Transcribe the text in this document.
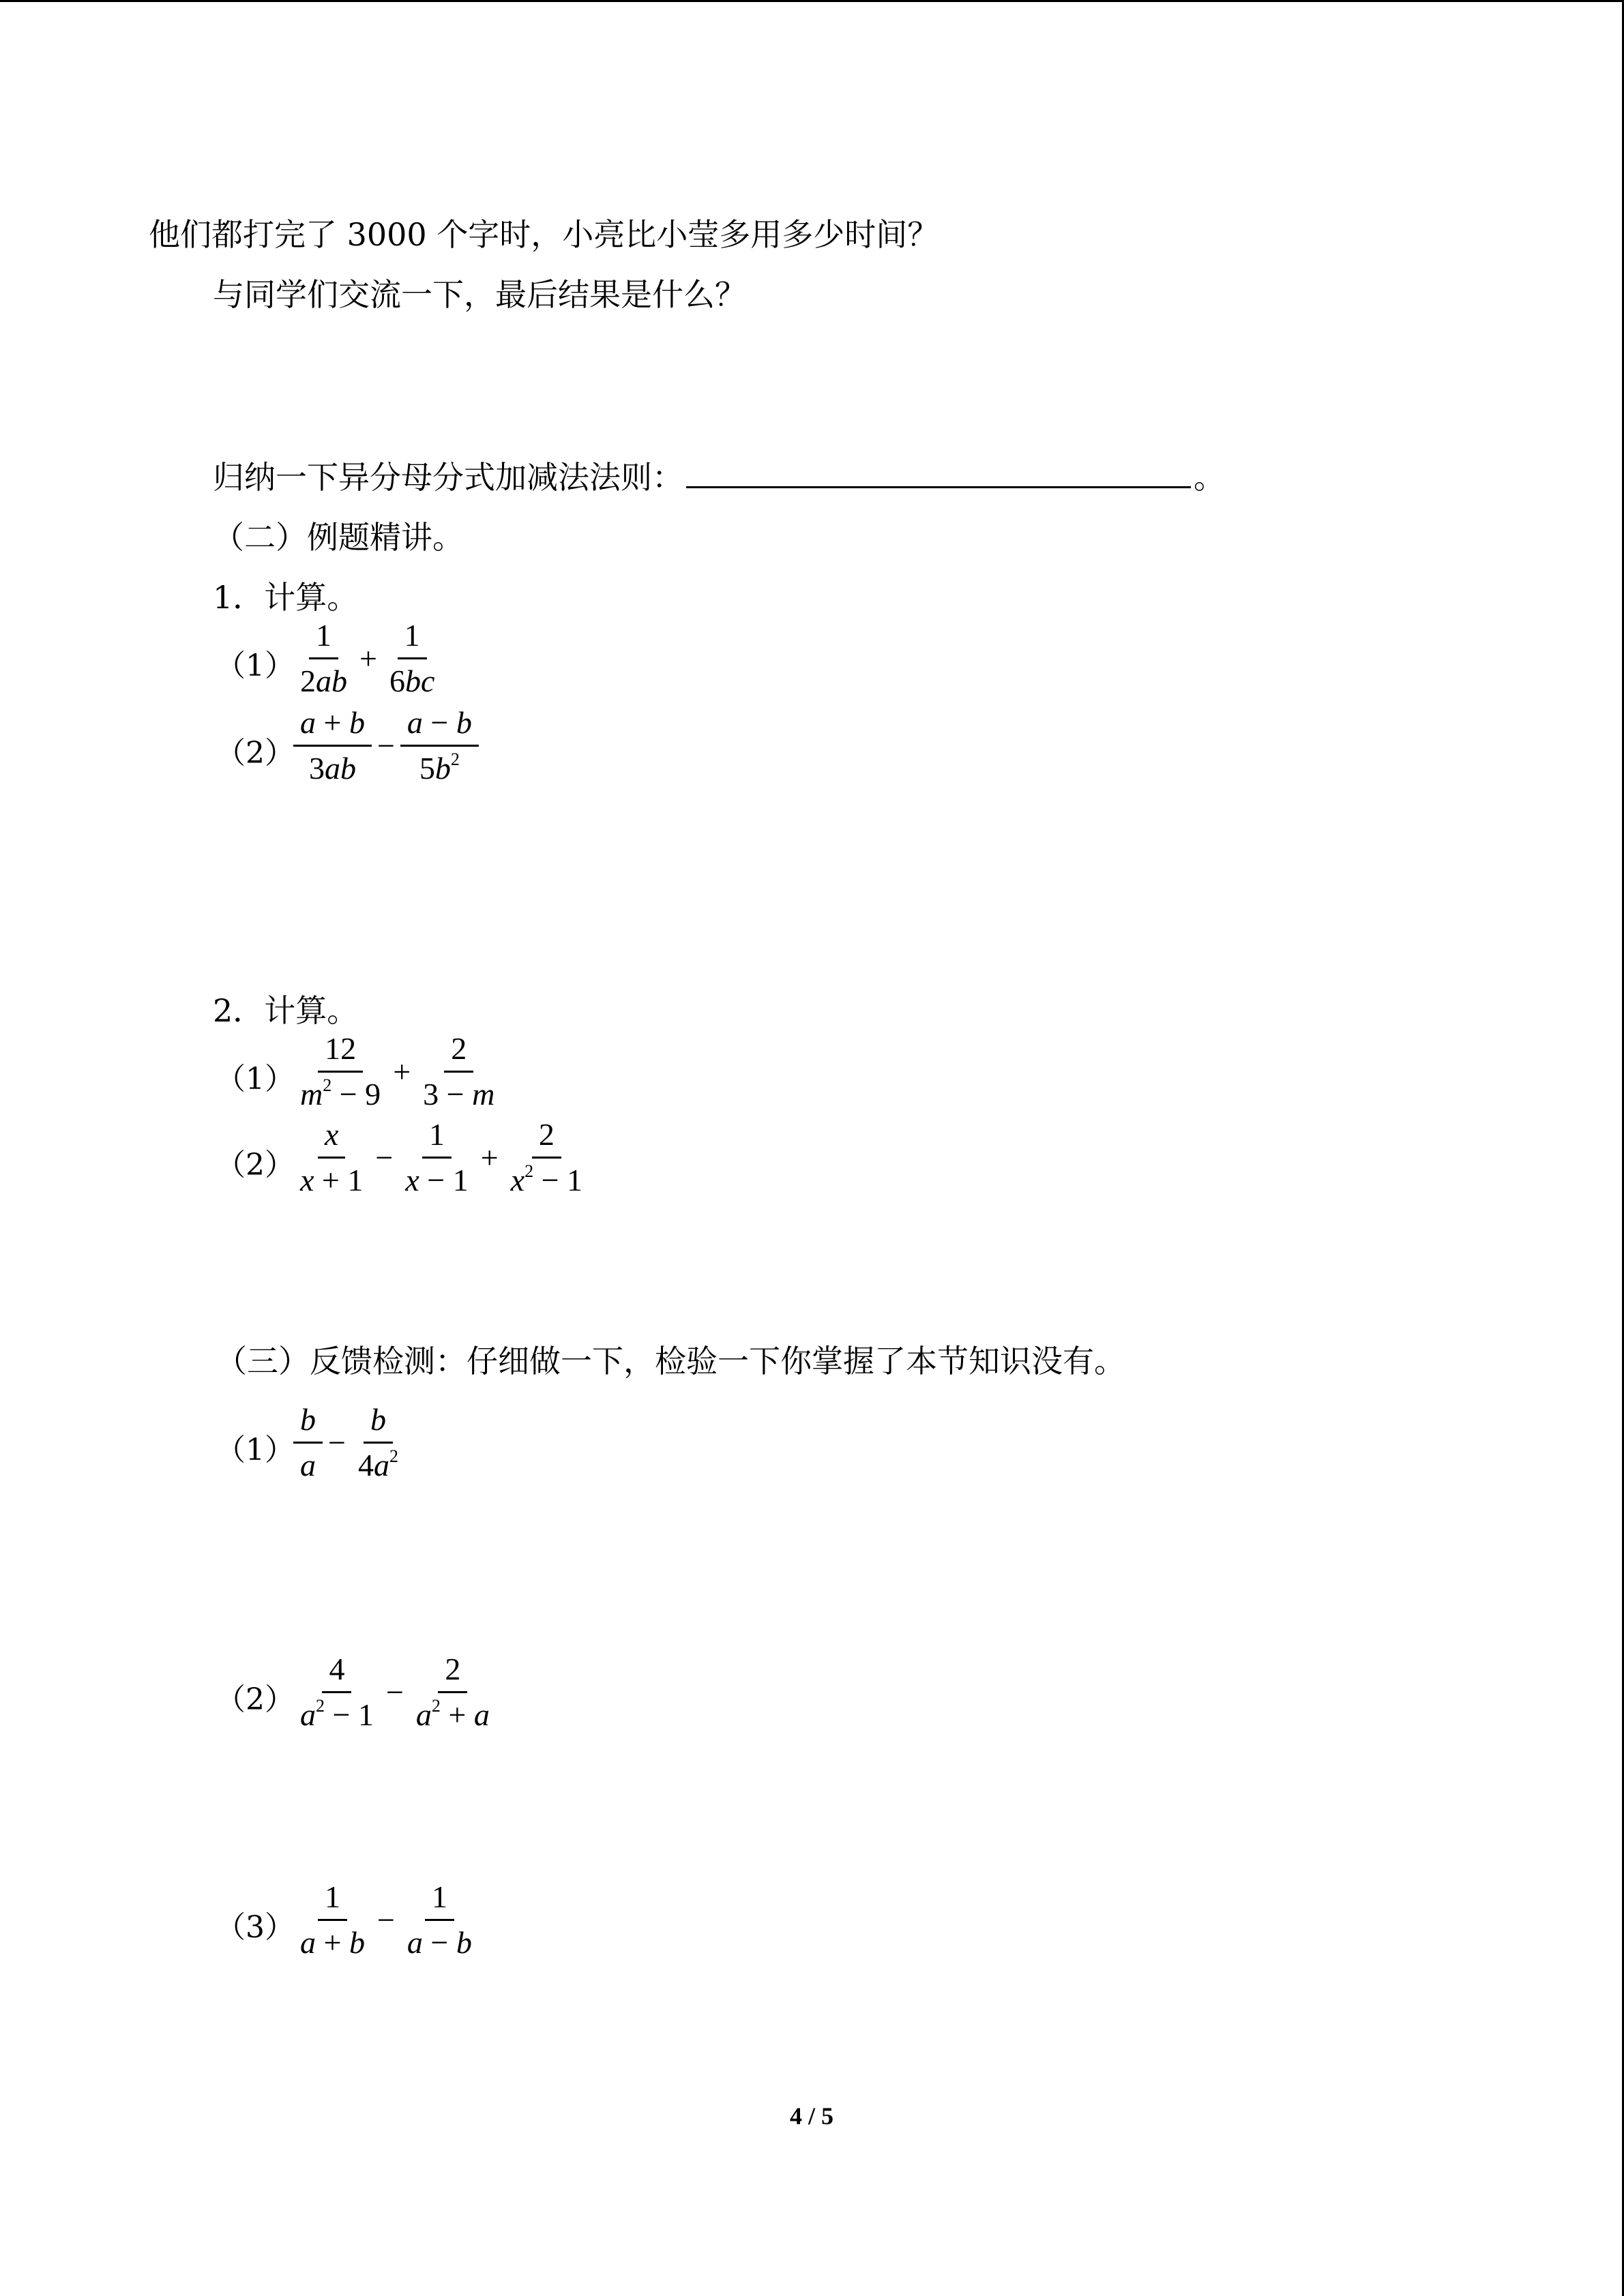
他们都打完了 3000 个字时，小亮比小莹多用多少时间？
与同学们交流一下，最后结果是什么？
归纳一下异分母分式加减法法则：	。
（二）例题精讲。
1．计算。
（1）
$\frac{1}{2ab} + \frac{1}{6bc}$
（2）
$\frac{a + b}{3ab} - \frac{a - b}{5b^2}$
2．计算。
（1）
$\frac{12}{m^2 - 9} + \frac{2}{3 - m}$
（2）
$\frac{x}{x + 1} - \frac{1}{x - 1} + \frac{2}{x^2 - 1}$
（三）反馈检测：仔细做一下，检验一下你掌握了本节知识没有。
（1）
$\frac{b}{a} - \frac{b}{4a^2}$
（2）
$\frac{4}{a^2 - 1} - \frac{2}{a^2 + a}$
（3）
$\frac{1}{a + b} - \frac{1}{a - b}$
4 / 5
